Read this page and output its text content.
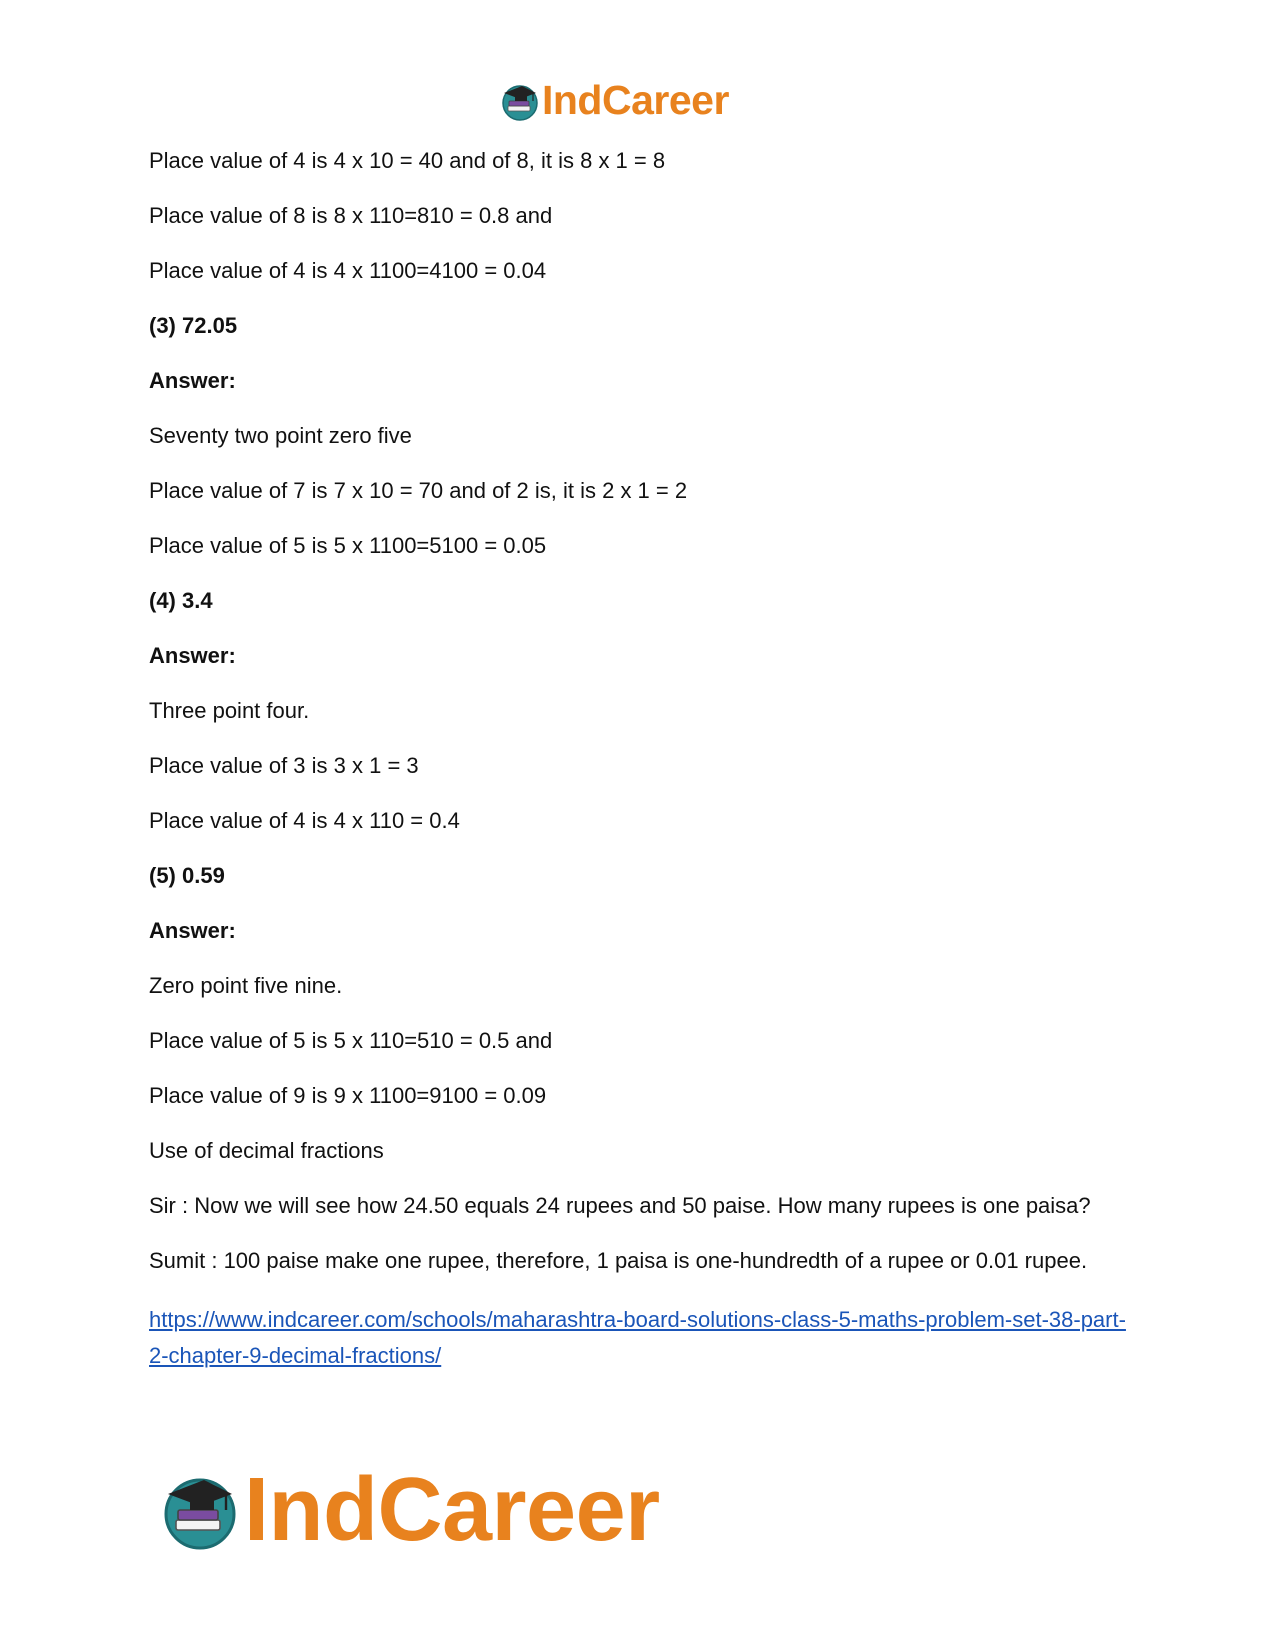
IndCareer

Place value of 4 is 4 x 10 = 40 and of 8, it is 8 x 1 = 8

Place value of 8 is 8 x 110=810 = 0.8 and

Place value of 4 is 4 x 1100=4100 = 0.04

(3) 72.05

Answer:

Seventy two point zero five

Place value of 7 is 7 x 10 = 70 and of 2 is, it is 2 x 1 = 2

Place value of 5 is 5 x 1100=5100 = 0.05

(4) 3.4

Answer:

Three point four.

Place value of 3 is 3 x 1 = 3

Place value of 4 is 4 x 110 = 0.4

(5) 0.59

Answer:

Zero point five nine.

Place value of 5 is 5 x 110=510 = 0.5 and

Place value of 9 is 9 x 1100=9100 = 0.09

Use of decimal fractions

Sir : Now we will see how 24.50 equals 24 rupees and 50 paise. How many rupees is one paisa?

Sumit : 100 paise make one rupee, therefore, 1 paisa is one-hundredth of a rupee or 0.01 rupee.

https://www.indcareer.com/schools/maharashtra-board-solutions-class-5-maths-problem-set-38-part-2-chapter-9-decimal-fractions/
IndCareer
